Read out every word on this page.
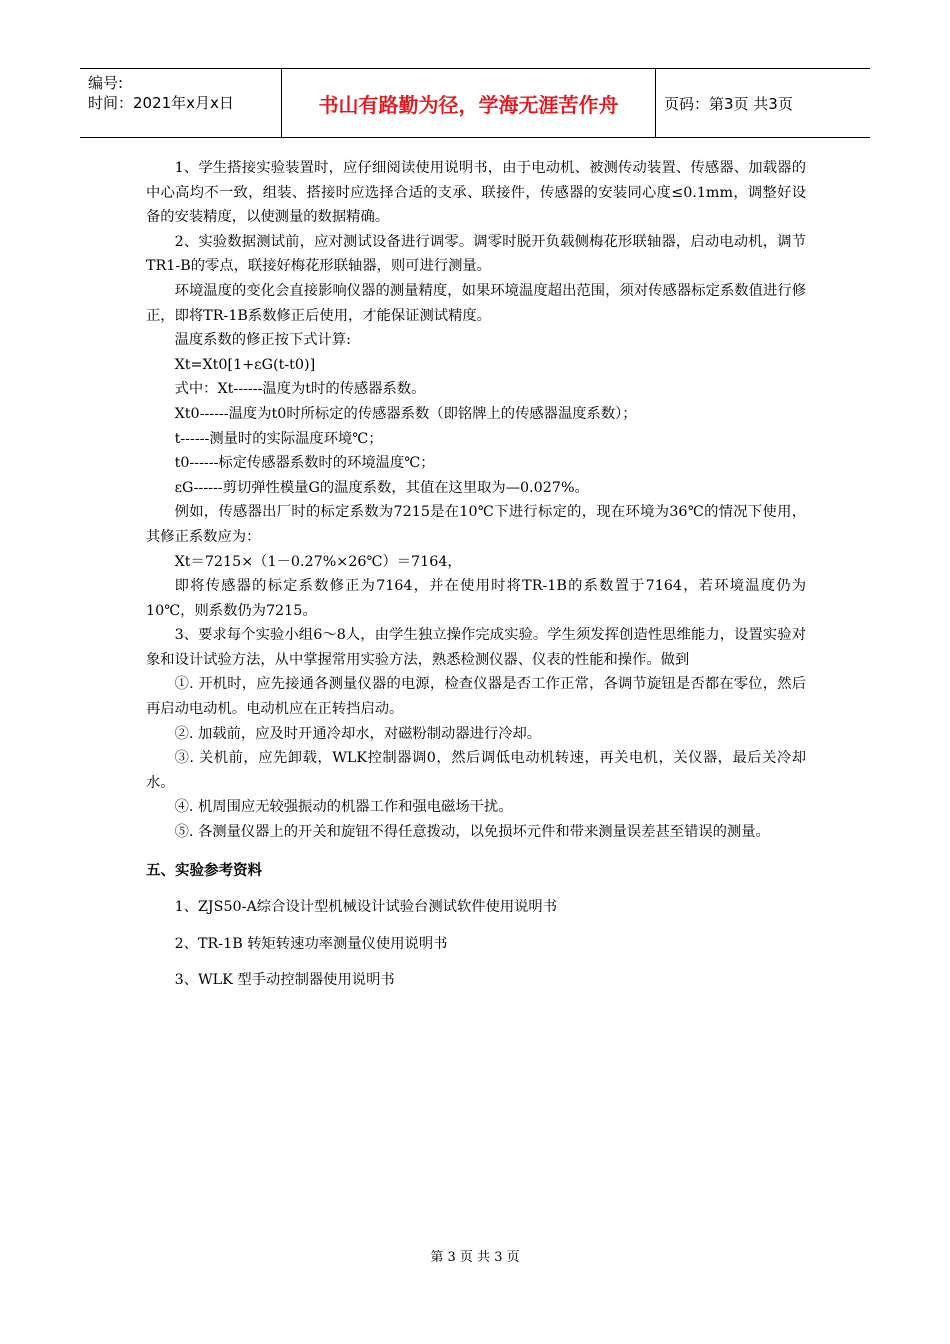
编号:
时间：2021年x月x日	书山有路勤为径，学海无涯苦作舟	页码：第3页 共3页

1、学生搭接实验装置时，应仔细阅读使用说明书，由于电动机、被测传动装置、传感器、加载器的中心高均不一致，组装、搭接时应选择合适的支承、联接件，传感器的安装同心度≤0.1mm，调整好设备的安装精度，以使测量的数据精确。

2、实验数据测试前，应对测试设备进行调零。调零时脱开负载侧梅花形联轴器，启动电动机，调节TR1-B的零点，联接好梅花形联轴器，则可进行测量。

环境温度的变化会直接影响仪器的测量精度，如果环境温度超出范围，须对传感器标定系数值进行修正，即将TR-1B系数修正后使用，才能保证测试精度。

温度系数的修正按下式计算:

Xt=Xt0[1+εG(t-t0)]

式中：Xt------温度为t时的传感器系数。

Xt0------温度为t0时所标定的传感器系数（即铭牌上的传感器温度系数）；

t------测量时的实际温度环境℃；

t0------标定传感器系数时的环境温度℃；

εG------剪切弹性模量G的温度系数，其值在这里取为—0.027%。

例如，传感器出厂时的标定系数为7215是在10℃下进行标定的，现在环境为36℃的情况下使用，其修正系数应为：

Xt＝7215×（1－0.27%×26℃）＝7164，

即将传感器的标定系数修正为7164，并在使用时将TR-1B的系数置于7164，若环境温度仍为10℃，则系数仍为7215。

3、要求每个实验小组6～8人，由学生独立操作完成实验。学生须发挥创造性思维能力，设置实验对象和设计试验方法，从中掌握常用实验方法，熟悉检测仪器、仪表的性能和操作。做到

①. 开机时，应先接通各测量仪器的电源，检查仪器是否工作正常，各调节旋钮是否都在零位，然后再启动电动机。电动机应在正转挡启动。

②. 加载前，应及时开通冷却水，对磁粉制动器进行冷却。

③. 关机前，应先卸载，WLK控制器调0，然后调低电动机转速，再关电机，关仪器，最后关冷却水。

④. 机周围应无较强振动的机器工作和强电磁场干扰。

⑤. 各测量仪器上的开关和旋钮不得任意拨动，以免损坏元件和带来测量误差甚至错误的测量。

五、实验参考资料

1、ZJS50-A综合设计型机械设计试验台测试软件使用说明书

2、TR-1B 转矩转速功率测量仪使用说明书

3、WLK 型手动控制器使用说明书

第 3 页 共 3 页
